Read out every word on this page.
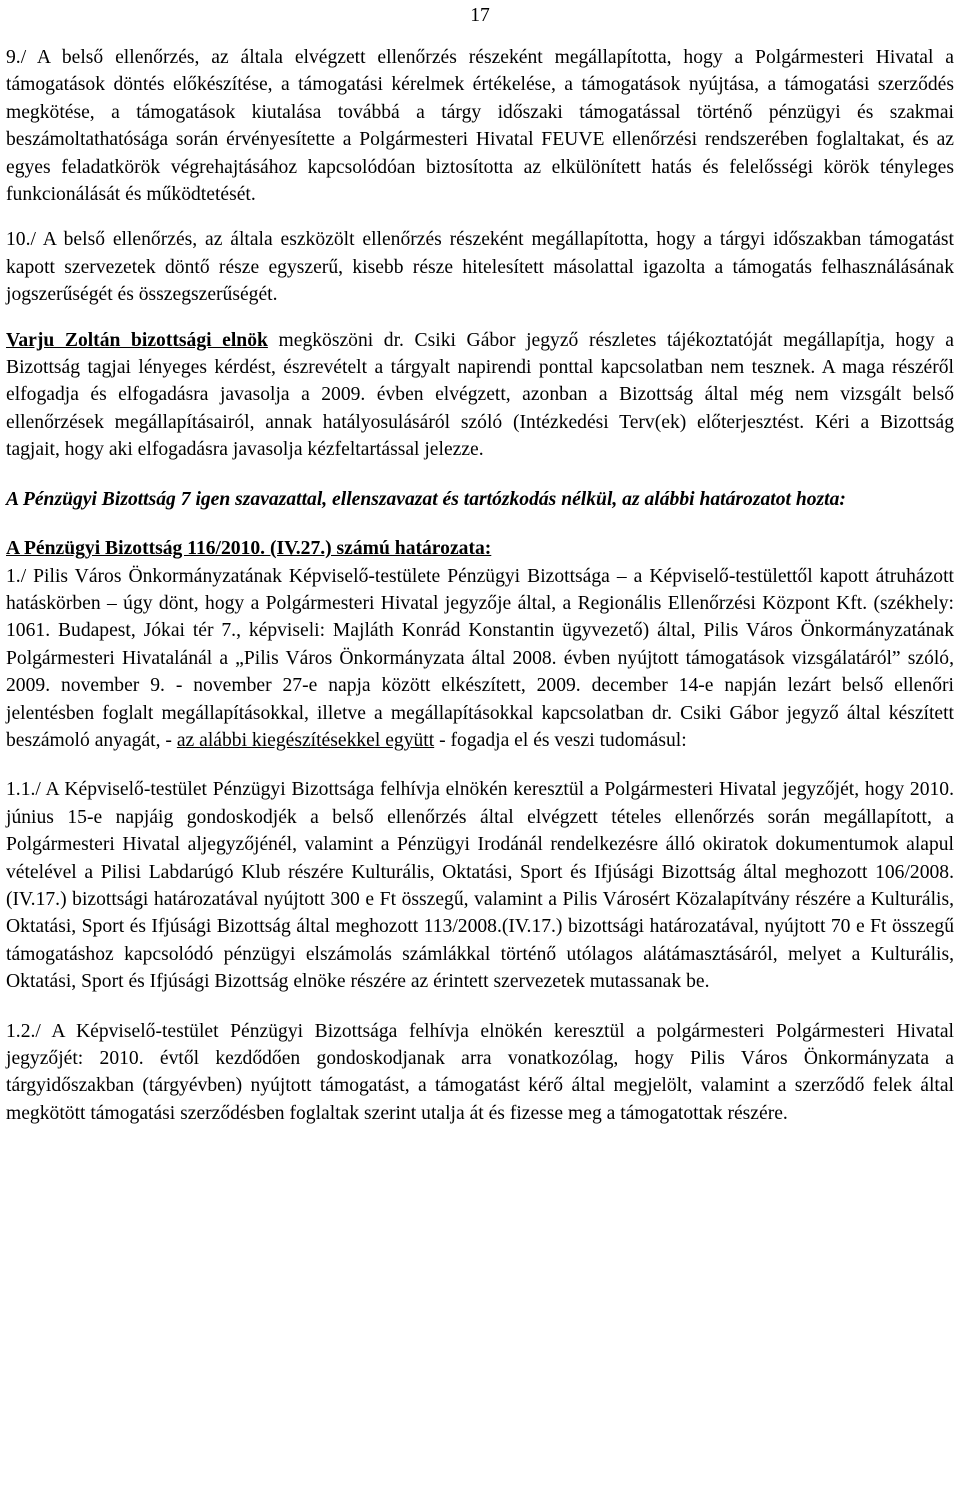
17

9./ A belső ellenőrzés, az általa elvégzett ellenőrzés részeként megállapította, hogy a Polgármesteri Hivatal a támogatások döntés előkészítése, a támogatási kérelmek értékelése, a támogatások nyújtása, a támogatási szerződés megkötése, a támogatások kiutalása továbbá a tárgy időszaki támogatással történő pénzügyi és szakmai beszámoltathatósága során érvényesítette a Polgármesteri Hivatal FEUVE ellenőrzési rendszerében foglaltakat, és az egyes feladatkörök végrehajtásához kapcsolódóan biztosította az elkülönített hatás és felelősségi körök tényleges funkcionálását és működtetését.

10./ A belső ellenőrzés, az általa eszközölt ellenőrzés részeként megállapította, hogy a tárgyi időszakban támogatást kapott szervezetek döntő része egyszerű, kisebb része hitelesített másolattal igazolta a támogatás felhasználásának jogszerűségét és összegszerűségét.

Varju Zoltán bizottsági elnök megköszöni dr. Csiki Gábor jegyző részletes tájékoztatóját megállapítja, hogy a Bizottság tagjai lényeges kérdést, észrevételt a tárgyalt napirendi ponttal kapcsolatban nem tesznek. A maga részéről elfogadja és elfogadásra javasolja a 2009. évben elvégzett, azonban a Bizottság által még nem vizsgált belső ellenőrzések megállapításairól, annak hatályosulásáról szóló (Intézkedési Terv(ek) előterjesztést. Kéri a Bizottság tagjait, hogy aki elfogadásra javasolja kézfeltartással jelezze.

A Pénzügyi Bizottság 7 igen szavazattal, ellenszavazat és tartózkodás nélkül, az alábbi határozatot hozta:

A Pénzügyi Bizottság 116/2010. (IV.27.) számú határozata:

1./ Pilis Város Önkormányzatának Képviselő-testülete Pénzügyi Bizottsága – a Képviselő-testülettől kapott átruházott hatáskörben – úgy dönt, hogy a Polgármesteri Hivatal jegyzője által, a Regionális Ellenőrzési Központ Kft. (székhely: 1061. Budapest, Jókai tér 7., képviseli: Majláth Konrád Konstantin ügyvezető) által, Pilis Város Önkormányzatának Polgármesteri Hivatalánál a „Pilis Város Önkormányzata által 2008. évben nyújtott támogatások vizsgálatáról” szóló, 2009. november 9. - november 27-e napja között elkészített, 2009. december 14-e napján lezárt belső ellenőri jelentésben foglalt megállapításokkal, illetve a megállapításokkal kapcsolatban dr. Csiki Gábor jegyző által készített beszámoló anyagát, - az alábbi kiegészítésekkel együtt - fogadja el és veszi tudomásul:

1.1./ A Képviselő-testület Pénzügyi Bizottsága felhívja elnökén keresztül a Polgármesteri Hivatal jegyzőjét, hogy 2010. június 15-e napjáig gondoskodjék a belső ellenőrzés által elvégzett tételes ellenőrzés során megállapított, a Polgármesteri Hivatal aljegyzőjénél, valamint a Pénzügyi Irodánál rendelkezésre álló okiratok dokumentumok alapul vételével a Pilisi Labdarúgó Klub részére Kulturális, Oktatási, Sport és Ifjúsági Bizottság által meghozott 106/2008.(IV.17.) bizottsági határozatával nyújtott 300 e Ft összegű, valamint a Pilis Városért Közalapítvány részére a Kulturális, Oktatási, Sport és Ifjúsági Bizottság által meghozott 113/2008.(IV.17.) bizottsági határozatával, nyújtott 70 e Ft összegű támogatáshoz kapcsolódó pénzügyi elszámolás számlákkal történő utólagos alátámasztásáról, melyet a Kulturális, Oktatási, Sport és Ifjúsági Bizottság elnöke részére az érintett szervezetek mutassanak be.

1.2./ A Képviselő-testület Pénzügyi Bizottsága felhívja elnökén keresztül a polgármesteri Polgármesteri Hivatal jegyzőjét: 2010. évtől kezdődően gondoskodjanak arra vonatkozólag, hogy Pilis Város Önkormányzata a tárgyidőszakban (tárgyévben) nyújtott támogatást, a támogatást kérő által megjelölt, valamint a szerződő felek által megkötött támogatási szerződésben foglaltak szerint utalja át és fizesse meg a támogatottak részére.
